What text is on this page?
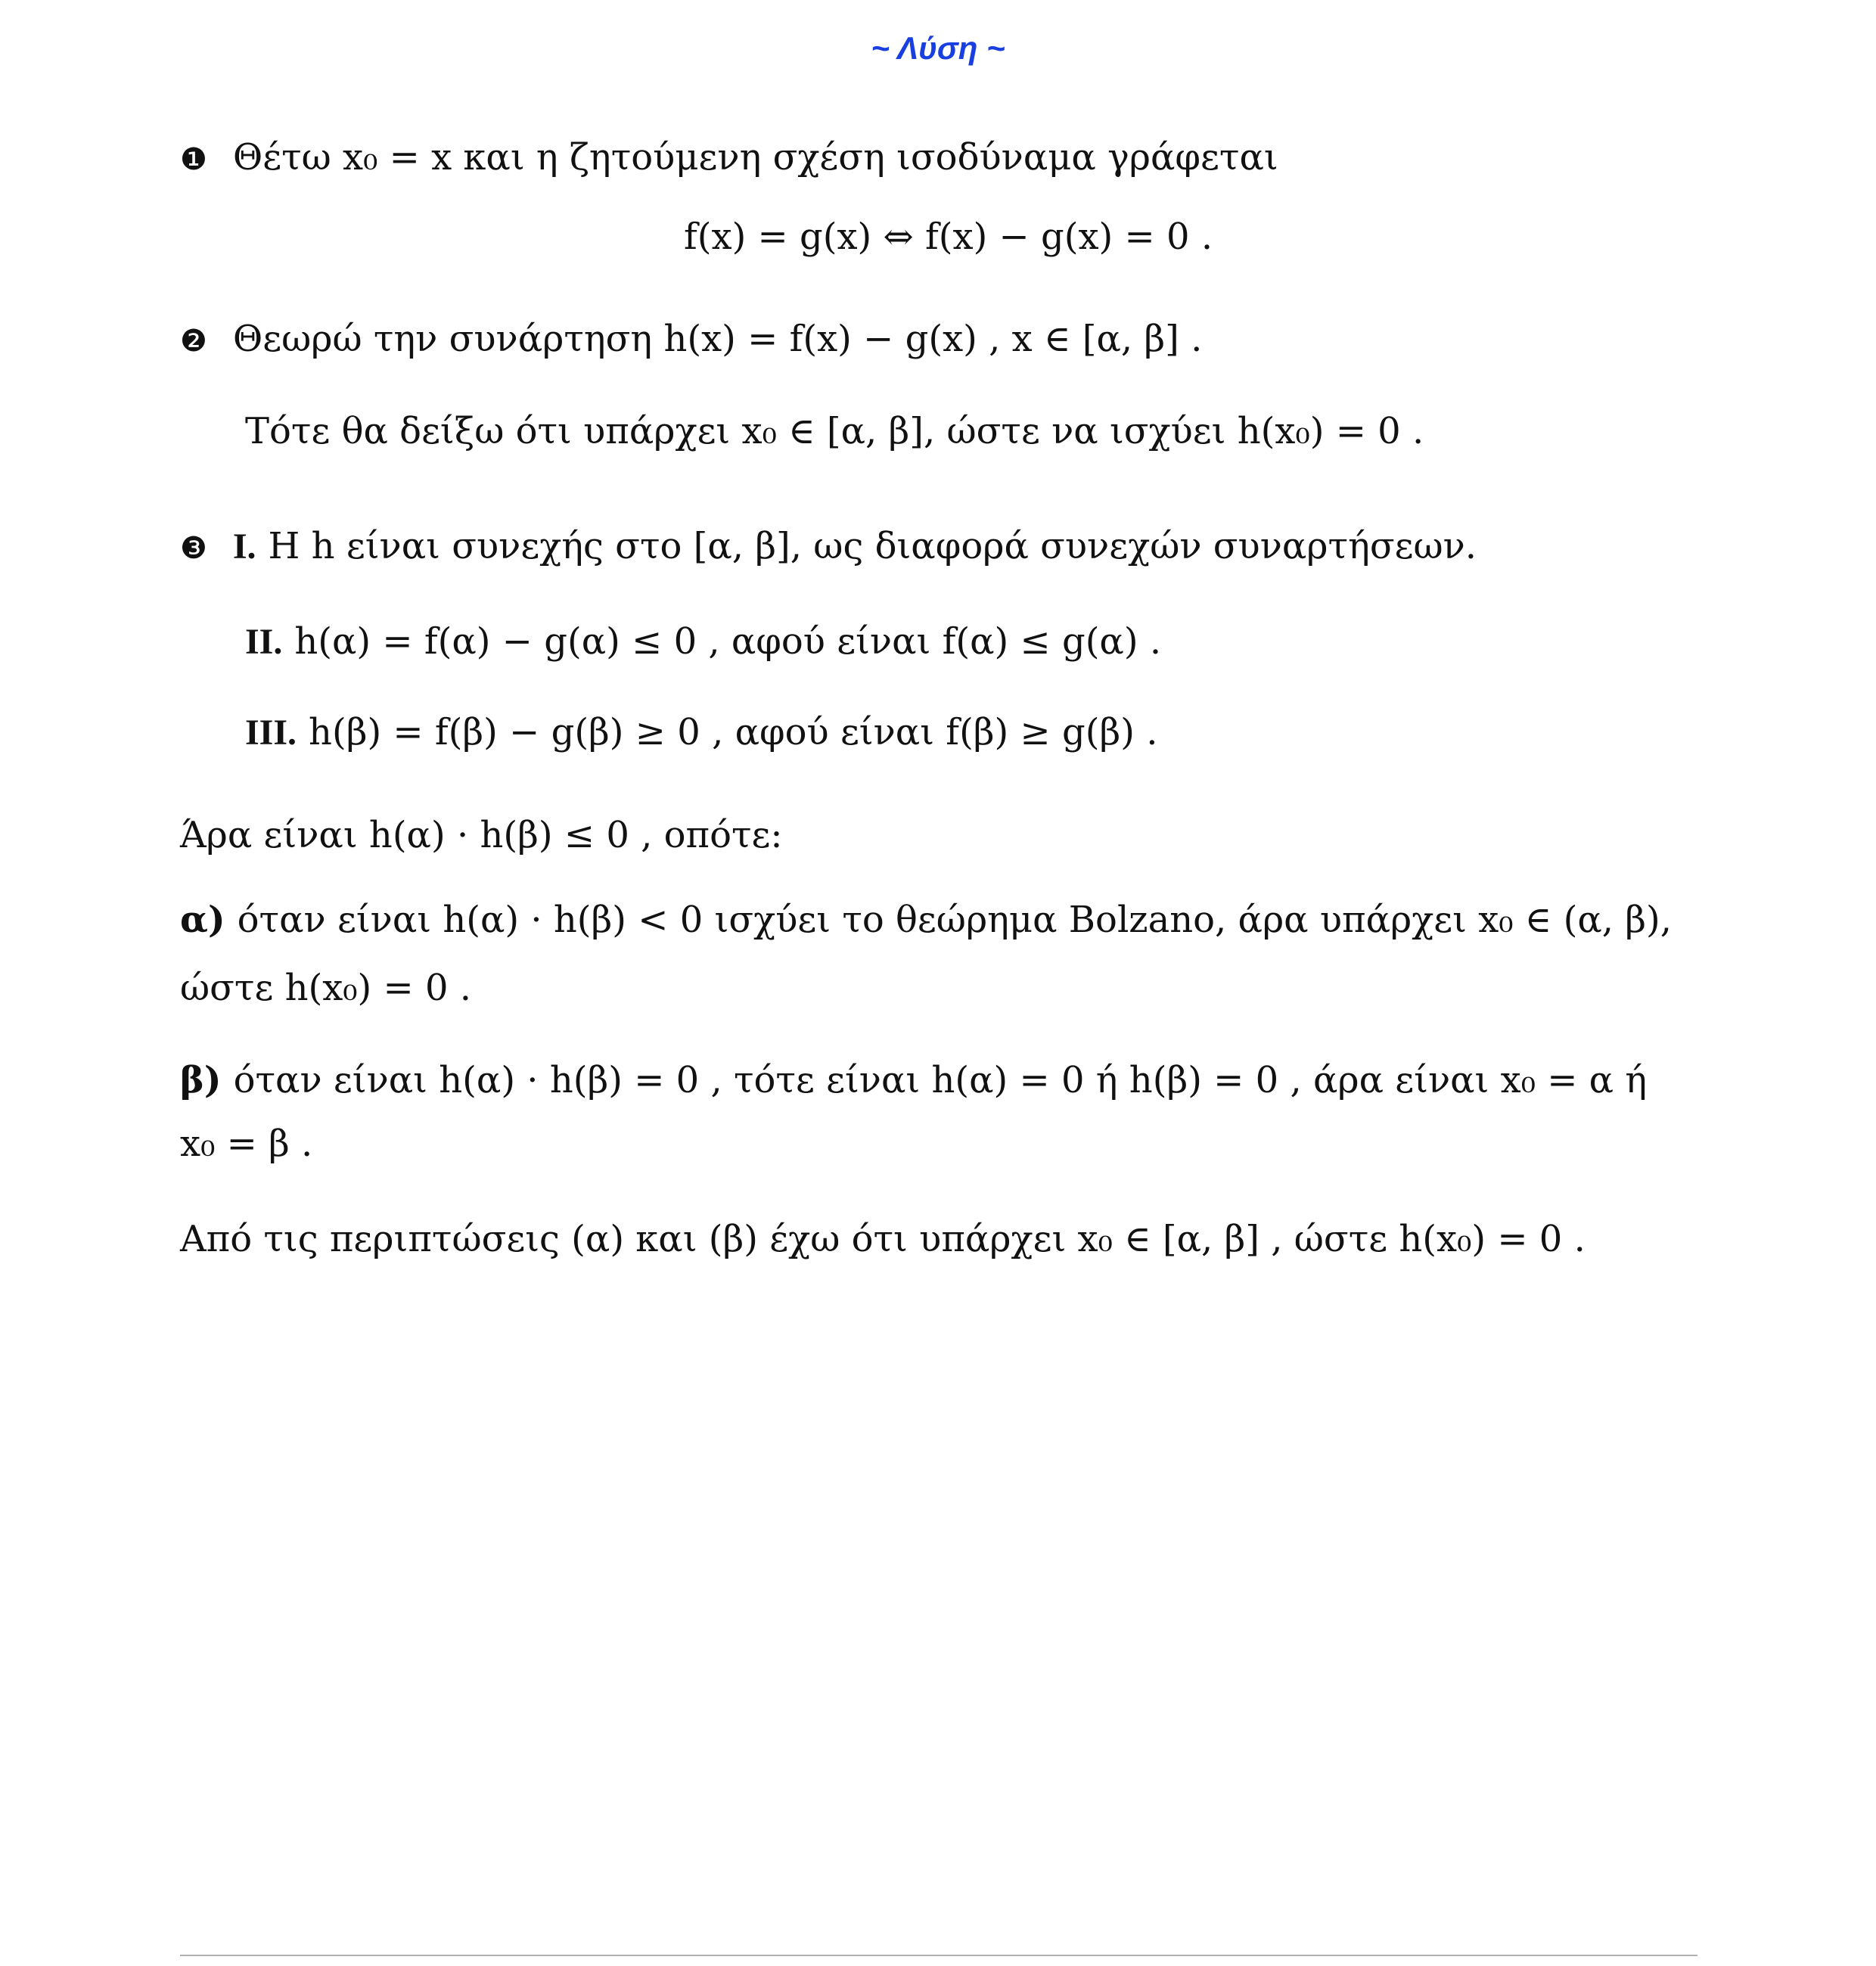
~ Λύση ~
❶ Θέτω x₀ = x και η ζητούμενη σχέση ισοδύναμα γράφεται
f(x) = g(x) ⇔ f(x) − g(x) = 0 .
❷ Θεωρώ την συνάρτηση h(x) = f(x) − g(x) , x ∈ [α, β] .
Τότε θα δείξω ότι υπάρχει x₀ ∈ [α, β], ώστε να ισχύει h(x₀) = 0 .
❸ I. Η h είναι συνεχής στο [α, β], ως διαφορά συνεχών συναρτήσεων.
II. h(α) = f(α) − g(α) ≤ 0 , αφού είναι f(α) ≤ g(α) .
III. h(β) = f(β) − g(β) ≥ 0 , αφού είναι f(β) ≥ g(β) .
Άρα είναι h(α) · h(β) ≤ 0 , οπότε:
α) όταν είναι h(α) · h(β) < 0 ισχύει το θεώρημα Bolzano, άρα υπάρχει x₀ ∈ (α, β),
ώστε h(x₀) = 0 .
β) όταν είναι h(α) · h(β) = 0 , τότε είναι h(α) = 0 ή h(β) = 0 , άρα είναι x₀ = α ή
x₀ = β .
Από τις περιπτώσεις (α) και (β) έχω ότι υπάρχει x₀ ∈ [α, β] , ώστε h(x₀) = 0 .
